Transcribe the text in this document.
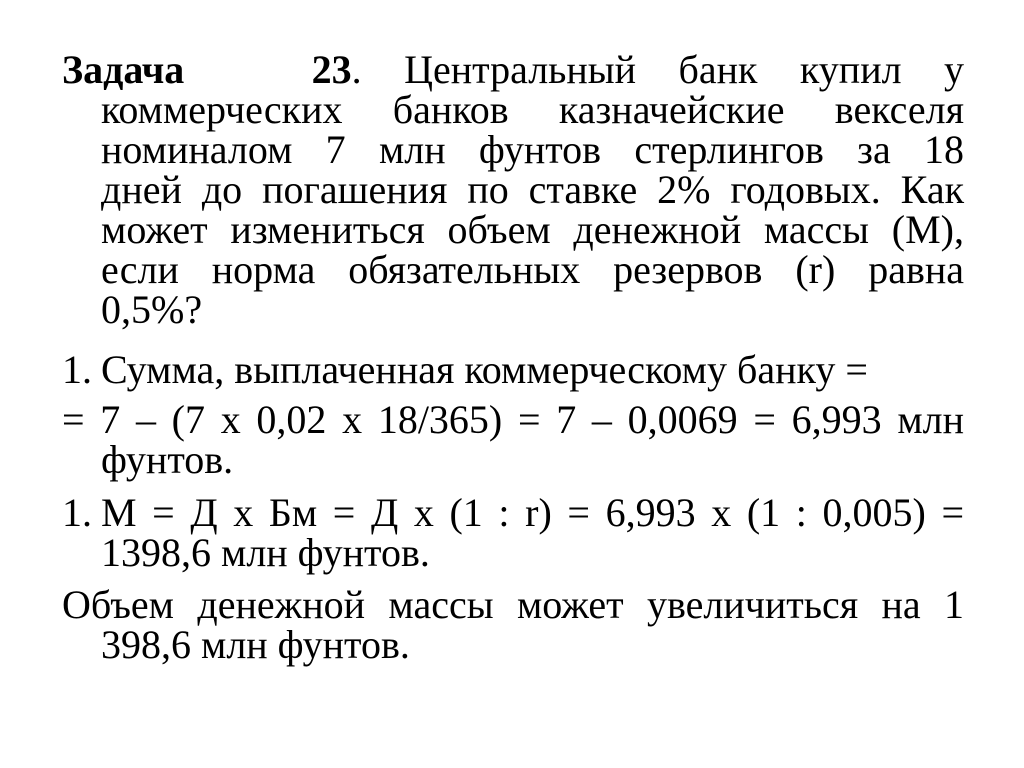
Задача	23. Центральный банк купил у
коммерческих банков казначейские векселя
номиналом 7 млн фунтов стерлингов за 18
дней до погашения по ставке 2% годовых. Как
может измениться объем денежной массы (М),
если норма обязательных резервов (r) равна
0,5%?
1. Сумма, выплаченная коммерческому банку =
= 7 – (7 х 0,02 х 18/365) = 7 – 0,0069 = 6,993 млн
фунтов.
1. М = Д х Бм = Д х (1 : r) = 6,993 х (1 : 0,005) =
1398,6 млн фунтов.
Объем денежной массы может увеличиться на 1
398,6 млн фунтов.
